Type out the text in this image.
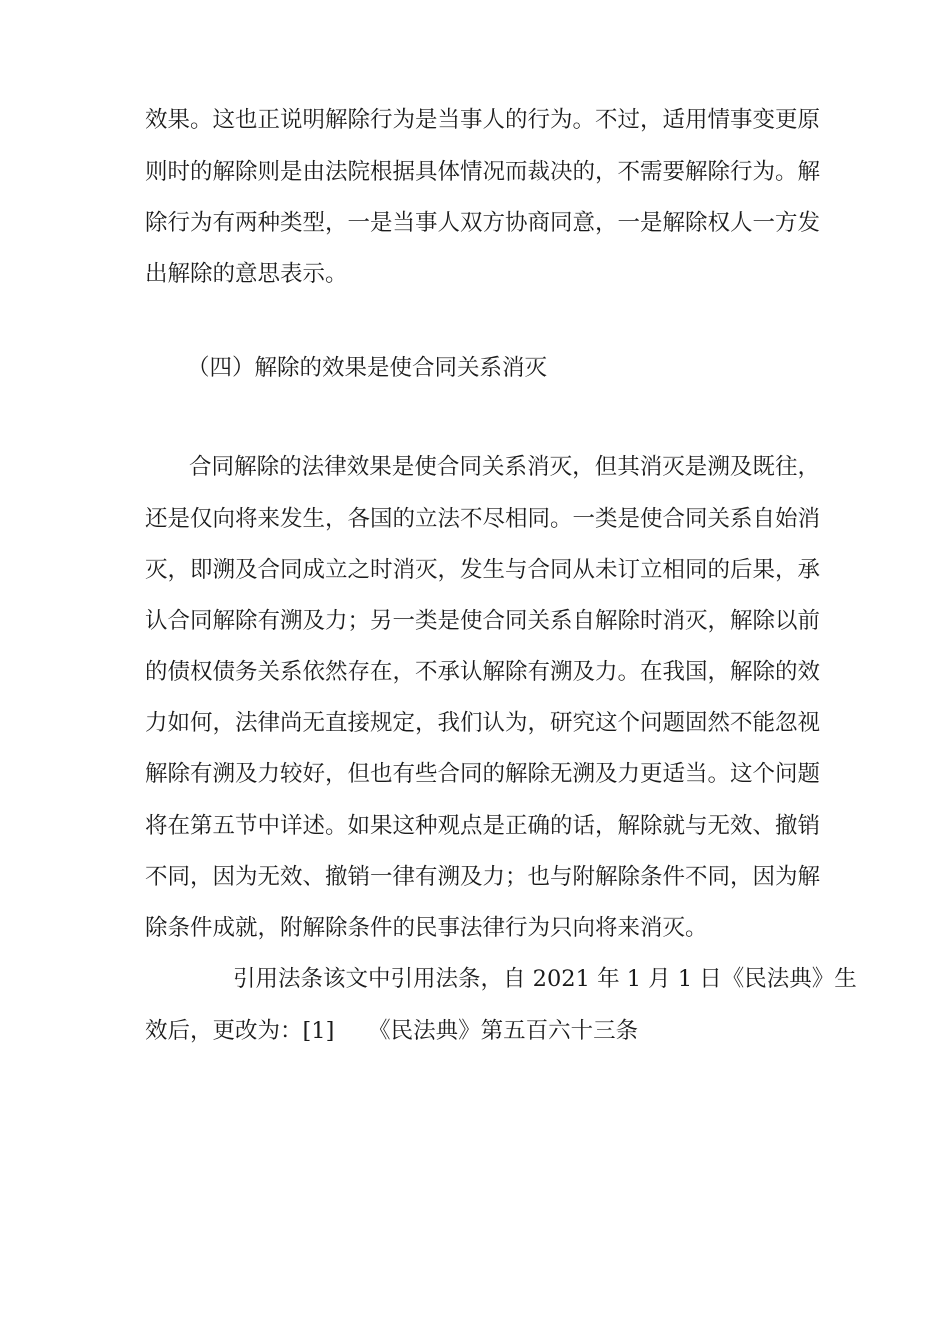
效果。这也正说明解除行为是当事人的行为。不过，适用情事变更原
则时的解除则是由法院根据具体情况而裁决的，不需要解除行为。解
除行为有两种类型，一是当事人双方协商同意，一是解除权人一方发
出解除的意思表示。
（四）解除的效果是使合同关系消灭
合同解除的法律效果是使合同关系消灭，但其消灭是溯及既往，
还是仅向将来发生，各国的立法不尽相同。一类是使合同关系自始消
灭，即溯及合同成立之时消灭，发生与合同从未订立相同的后果，承
认合同解除有溯及力；另一类是使合同关系自解除时消灭，解除以前
的债权债务关系依然存在，不承认解除有溯及力。在我国，解除的效
力如何，法律尚无直接规定，我们认为，研究这个问题固然不能忽视
解除有溯及力较好，但也有些合同的解除无溯及力更适当。这个问题
将在第五节中详述。如果这种观点是正确的话，解除就与无效、撤销
不同，因为无效、撤销一律有溯及力；也与附解除条件不同，因为解
除条件成就，附解除条件的民事法律行为只向将来消灭。
引用法条该文中引用法条，自 2021 年 1 月 1 日《民法典》生
效后，更改为：[1]　　《民法典》第五百六十三条
